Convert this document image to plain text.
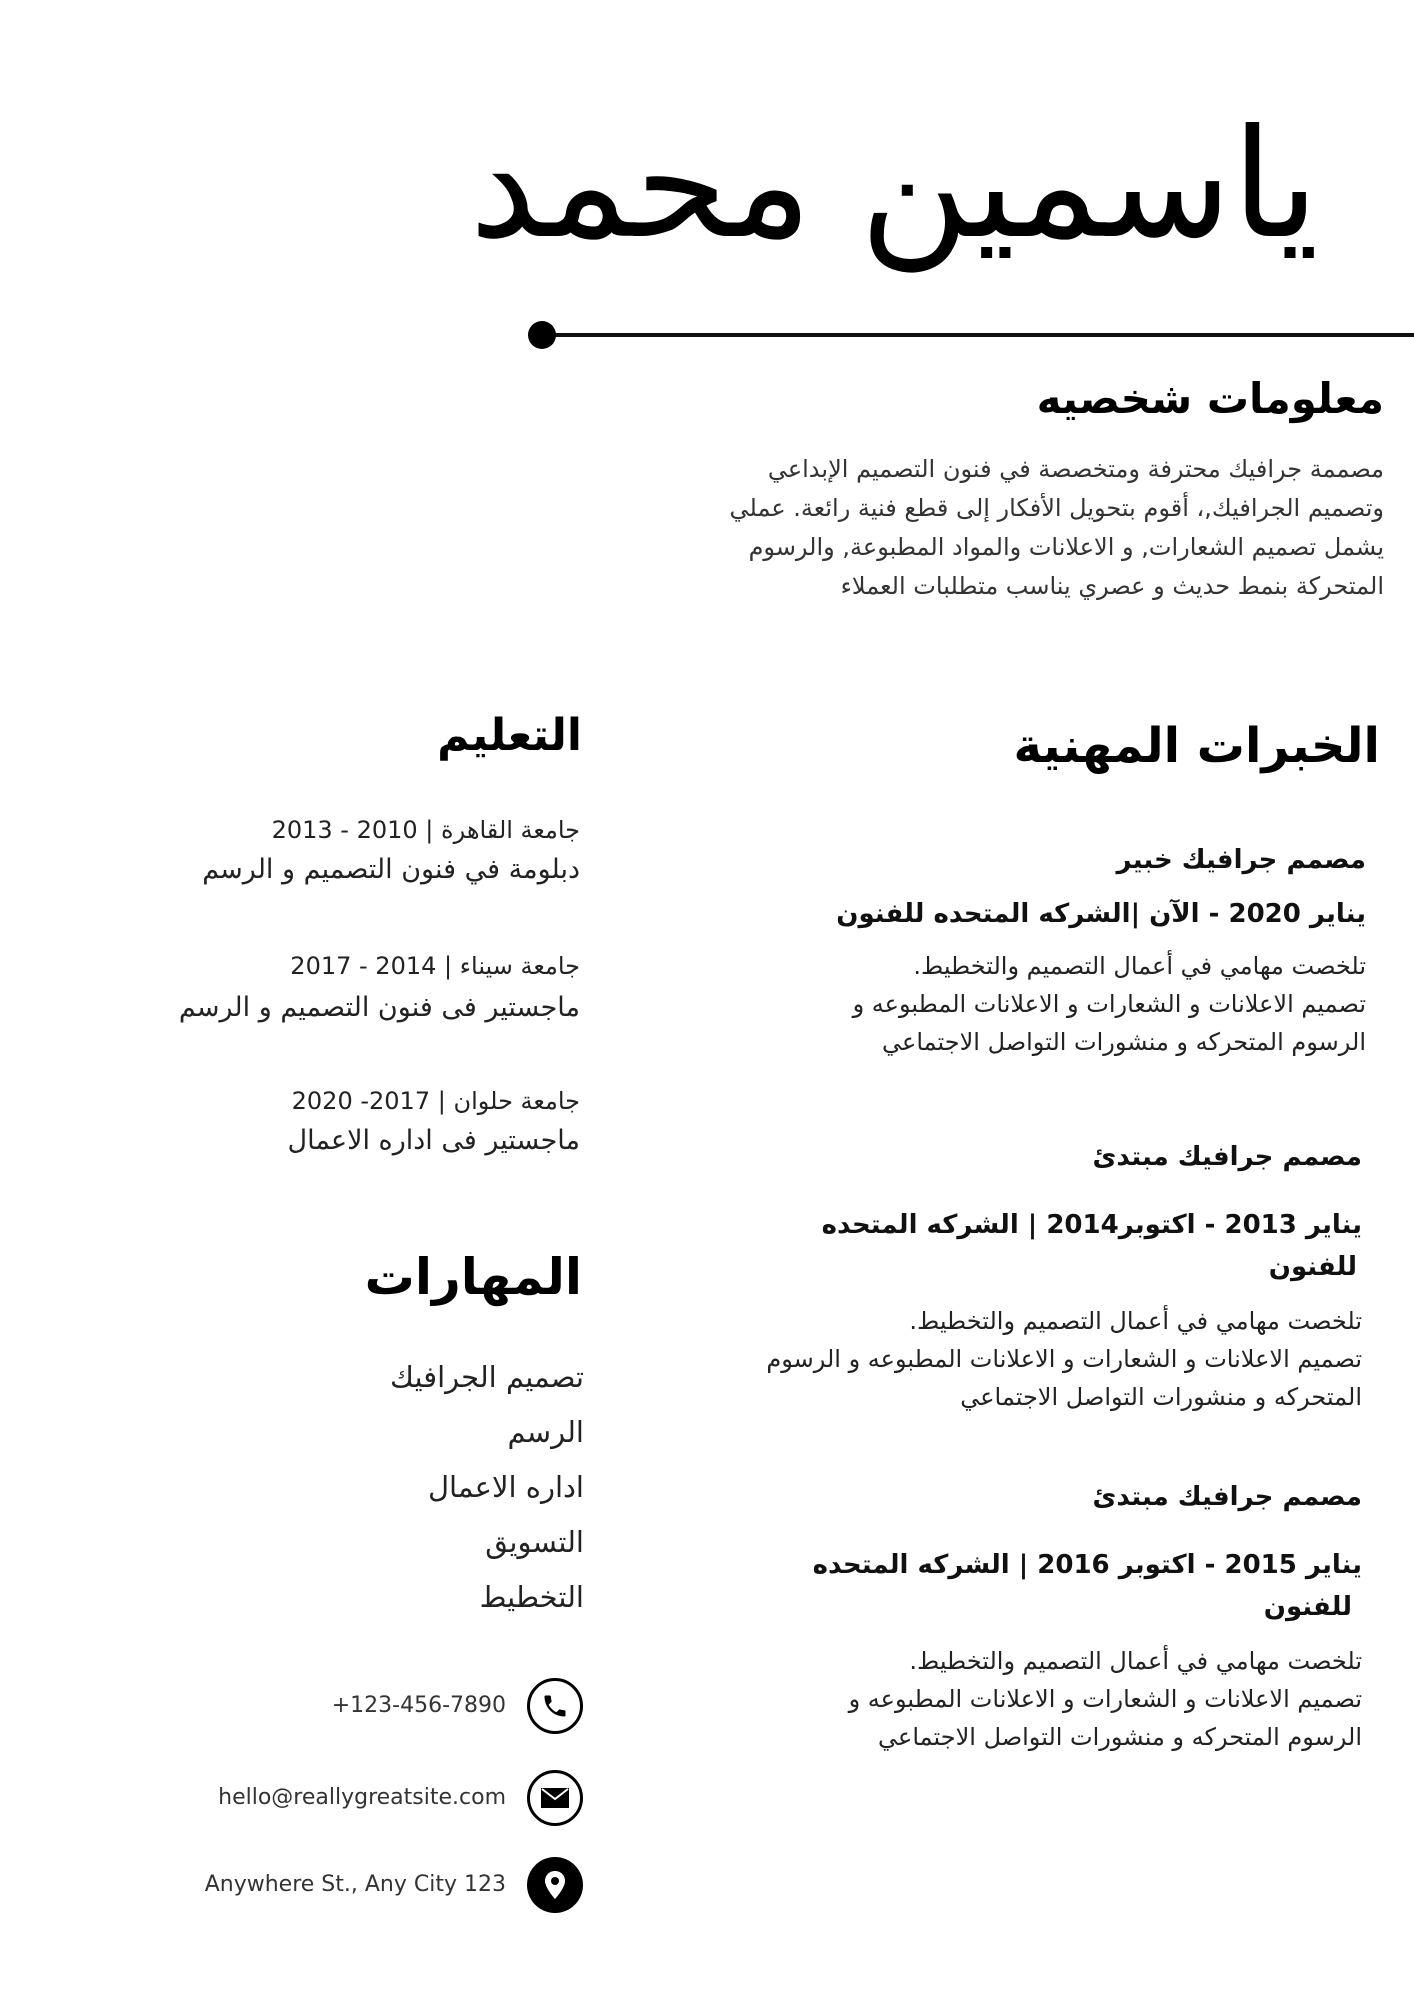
ياسمين محمد
معلومات شخصيه
مصممة جرافيك محترفة ومتخصصة في فنون التصميم الإبداعي
وتصميم الجرافيك,، أقوم بتحويل الأفكار إلى قطع فنية رائعة. عملي
يشمل تصميم الشعارات, و الاعلانات والمواد المطبوعة, والرسوم
المتحركة بنمط حديث و عصري يناسب متطلبات العملاء
الخبرات المهنية
مصمم جرافيك خبير
يناير 2020 - الآن |الشركه المتحده للفنون
تلخصت مهامي في أعمال التصميم والتخطيط.
تصميم الاعلانات و الشعارات و الاعلانات المطبوعه و
الرسوم المتحركه و منشورات التواصل الاجتماعي
مصمم جرافيك مبتدئ
يناير 2013 - اكتوبر2014 | الشركه المتحده
للفنون
تلخصت مهامي في أعمال التصميم والتخطيط.
تصميم الاعلانات و الشعارات و الاعلانات المطبوعه و الرسوم
المتحركه و منشورات التواصل الاجتماعي
مصمم جرافيك مبتدئ
يناير 2015 - اكتوبر 2016 | الشركه المتحده
للفنون
تلخصت مهامي في أعمال التصميم والتخطيط.
تصميم الاعلانات و الشعارات و الاعلانات المطبوعه و
الرسوم المتحركه و منشورات التواصل الاجتماعي
التعليم
جامعة القاهرة | 2010 - 2013
دبلومة في فنون التصميم و الرسم
جامعة سيناء | 2014 - 2017
ماجستير فى فنون التصميم و الرسم
جامعة حلوان | 2017- 2020
ماجستير فى اداره الاعمال
المهارات
تصميم الجرافيك
الرسم
اداره الاعمال
التسويق
التخطيط
+123-456-7890
hello@reallygreatsite.com
Anywhere St., Any City 123
